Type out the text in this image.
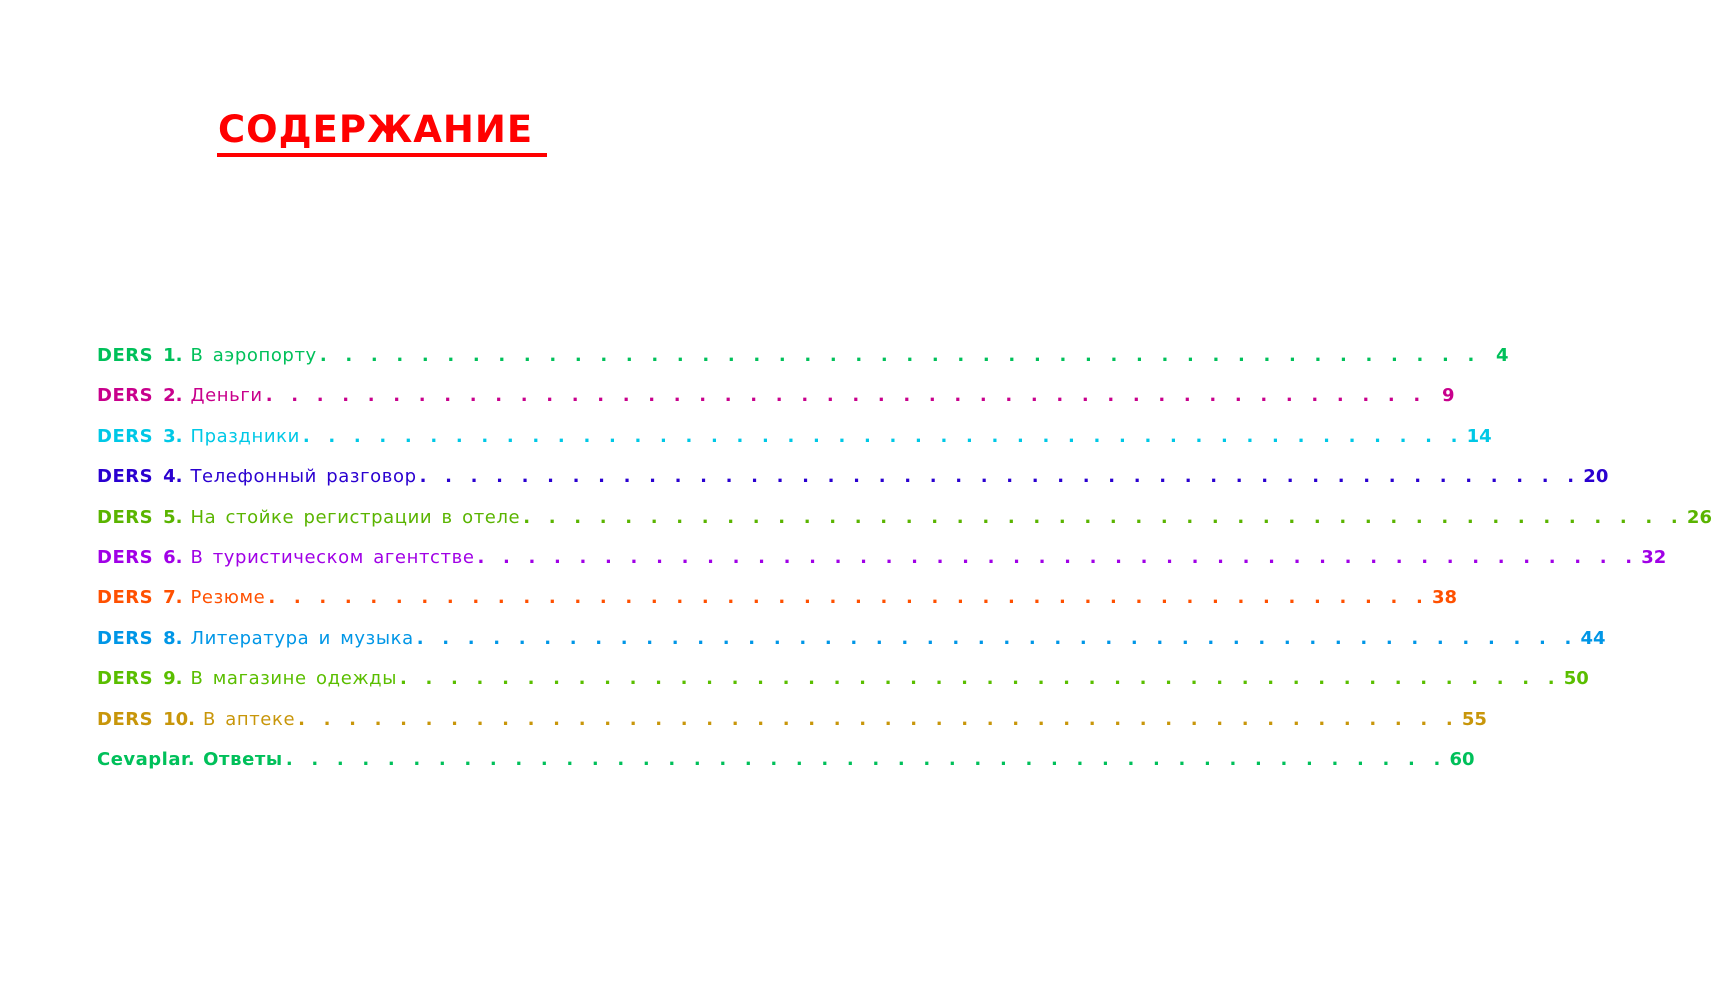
СОДЕРЖАНИЕ
DERS 1. В аэропорту . . . . . . . . . . . . . . . . . . . . . . . . . . . . . . . . . . . . . . . . . . . . . . 4
DERS 2. Деньги . . . . . . . . . . . . . . . . . . . . . . . . . . . . . . . . . . . . . . . . . . . . . . 9
DERS 3. Праздники . . . . . . . . . . . . . . . . . . . . . . . . . . . . . . . . . . . . . . . . . . . . . . 14
DERS 4. Телефонный разговор . . . . . . . . . . . . . . . . . . . . . . . . . . . . . . . . . . . . . . . . . . . . . . 20
DERS 5. На стойке регистрации в отеле . . . . . . . . . . . . . . . . . . . . . . . . . . . . . . . . . . . . . . . . . . . . . . 26
DERS 6. В туристическом агентстве . . . . . . . . . . . . . . . . . . . . . . . . . . . . . . . . . . . . . . . . . . . . . . 32
DERS 7. Резюме . . . . . . . . . . . . . . . . . . . . . . . . . . . . . . . . . . . . . . . . . . . . . . 38
DERS 8. Литература и музыка . . . . . . . . . . . . . . . . . . . . . . . . . . . . . . . . . . . . . . . . . . . . . . 44
DERS 9. В магазине одежды . . . . . . . . . . . . . . . . . . . . . . . . . . . . . . . . . . . . . . . . . . . . . . 50
DERS 10. В аптеке . . . . . . . . . . . . . . . . . . . . . . . . . . . . . . . . . . . . . . . . . . . . . . 55
Cevaplar. Ответы . . . . . . . . . . . . . . . . . . . . . . . . . . . . . . . . . . . . . . . . . . . . . . 60
